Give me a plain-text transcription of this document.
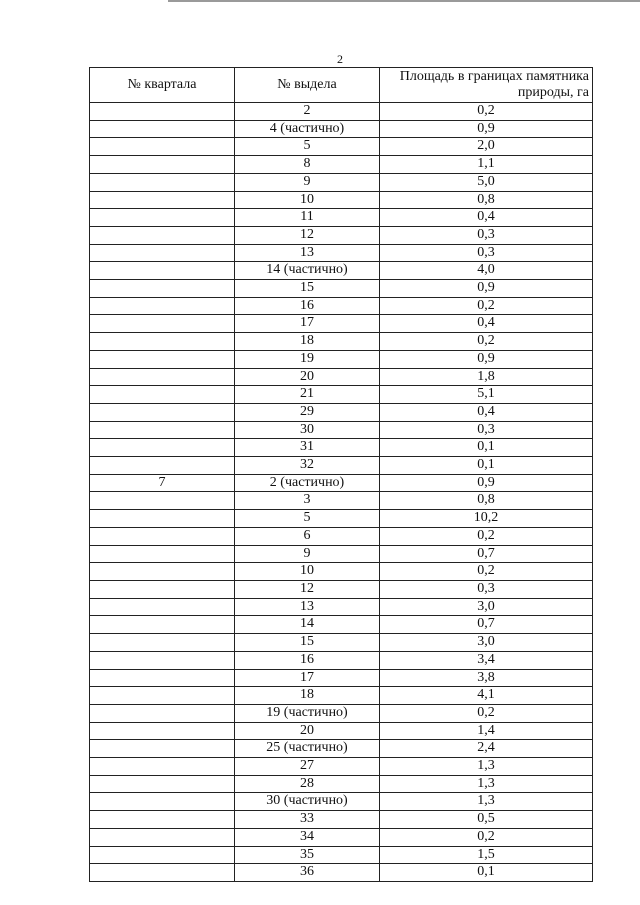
2
№ квартала	№ выдела	Площадь в границах памятника природы, га
	2	0,2
	4 (частично)	0,9
	5	2,0
	8	1,1
	9	5,0
	10	0,8
	11	0,4
	12	0,3
	13	0,3
	14 (частично)	4,0
	15	0,9
	16	0,2
	17	0,4
	18	0,2
	19	0,9
	20	1,8
	21	5,1
	29	0,4
	30	0,3
	31	0,1
	32	0,1
7	2 (частично)	0,9
	3	0,8
	5	10,2
	6	0,2
	9	0,7
	10	0,2
	12	0,3
	13	3,0
	14	0,7
	15	3,0
	16	3,4
	17	3,8
	18	4,1
	19 (частично)	0,2
	20	1,4
	25 (частично)	2,4
	27	1,3
	28	1,3
	30 (частично)	1,3
	33	0,5
	34	0,2
	35	1,5
	36	0,1
